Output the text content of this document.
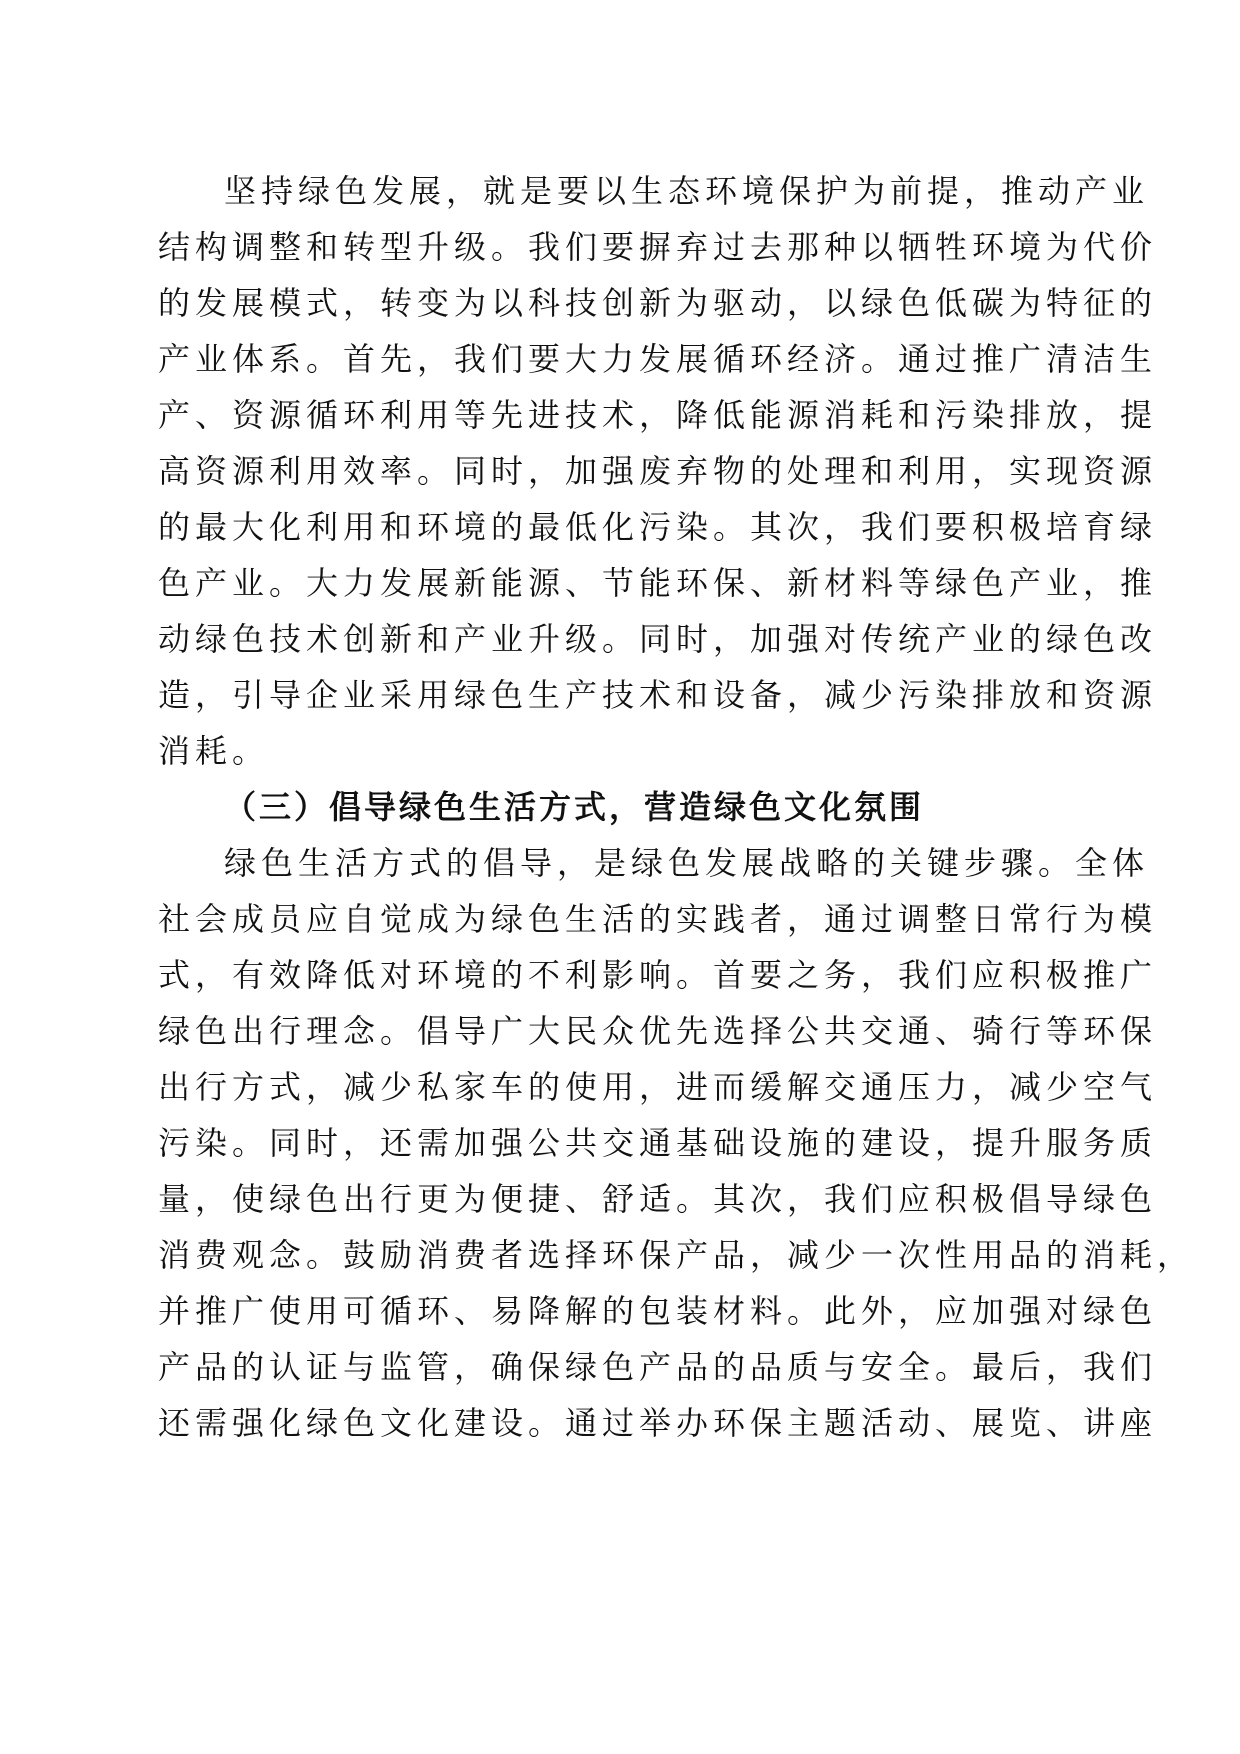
坚持绿色发展，就是要以生态环境保护为前提，推动产业
结构调整和转型升级。我们要摒弃过去那种以牺牲环境为代价
的发展模式，转变为以科技创新为驱动，以绿色低碳为特征的
产业体系。首先，我们要大力发展循环经济。通过推广清洁生
产、资源循环利用等先进技术，降低能源消耗和污染排放，提
高资源利用效率。同时，加强废弃物的处理和利用，实现资源
的最大化利用和环境的最低化污染。其次，我们要积极培育绿
色产业。大力发展新能源、节能环保、新材料等绿色产业，推
动绿色技术创新和产业升级。同时，加强对传统产业的绿色改
造，引导企业采用绿色生产技术和设备，减少污染排放和资源
消耗。
（三）倡导绿色生活方式，营造绿色文化氛围
绿色生活方式的倡导，是绿色发展战略的关键步骤。全体
社会成员应自觉成为绿色生活的实践者，通过调整日常行为模
式，有效降低对环境的不利影响。首要之务，我们应积极推广
绿色出行理念。倡导广大民众优先选择公共交通、骑行等环保
出行方式，减少私家车的使用，进而缓解交通压力，减少空气
污染。同时，还需加强公共交通基础设施的建设，提升服务质
量，使绿色出行更为便捷、舒适。其次，我们应积极倡导绿色
消费观念。鼓励消费者选择环保产品，减少一次性用品的消耗，
并推广使用可循环、易降解的包装材料。此外，应加强对绿色
产品的认证与监管，确保绿色产品的品质与安全。最后，我们
还需强化绿色文化建设。通过举办环保主题活动、展览、讲座
